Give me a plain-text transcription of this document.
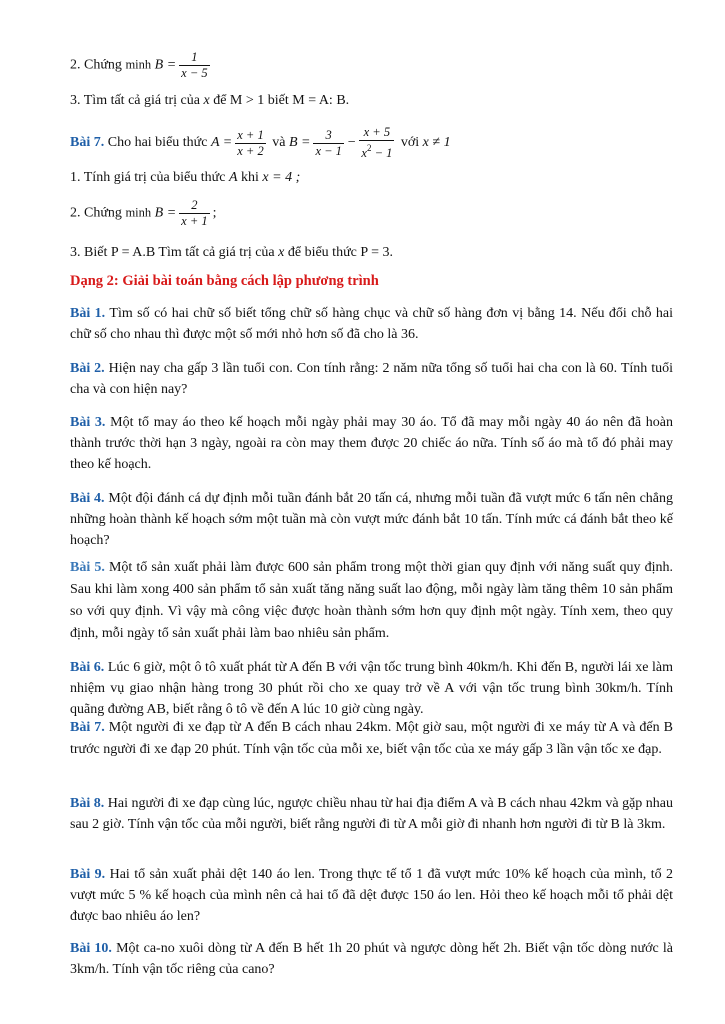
2. Chứng minh $B = \frac{1}{x - 5}$
3. Tìm tất cả giá trị của x để M > 1 biết M = A: B.
Bài 7. Cho hai biểu thức $A = \frac{x + 1}{x + 2}$ và $B = \frac{3}{x - 1} - \frac{x + 5}{x^2 - 1}$ với x ≠ 1
1. Tính giá trị của biểu thức A khi x = 4 ;
2. Chứng minh $B = \frac{2}{x + 1}$ ;
3. Biết P = A.B Tìm tất cả giá trị của x để biểu thức P = 3.
Dạng 2: Giải bài toán bằng cách lập phương trình
Bài 1. Tìm số có hai chữ số biết tổng chữ số hàng chục và chữ số hàng đơn vị bằng 14. Nếu đổi chỗ hai chữ số cho nhau thì được một số mới nhỏ hơn số đã cho là 36.
Bài 2. Hiện nay cha gấp 3 lần tuổi con. Con tính rằng: 2 năm nữa tổng số tuổi hai cha con là 60. Tính tuổi cha và con hiện nay?
Bài 3. Một tổ may áo theo kế hoạch mỗi ngày phải may 30 áo. Tổ đã may mỗi ngày 40 áo nên đã hoàn thành trước thời hạn 3 ngày, ngoài ra còn may them được 20 chiếc áo nữa. Tính số áo mà tổ đó phải may theo kế hoạch.
Bài 4. Một đội đánh cá dự định mỗi tuần đánh bắt 20 tấn cá, nhưng mỗi tuần đã vượt mức 6 tấn nên chẳng những hoàn thành kế hoạch sớm một tuần mà còn vượt mức đánh bắt 10 tấn. Tính mức cá đánh bắt theo kế hoạch?
Bài 5. Một tổ sản xuất phải làm được 600 sản phẩm trong một thời gian quy định với năng suất quy định. Sau khi làm xong 400 sản phẩm tổ sản xuất tăng năng suất lao động, mỗi ngày làm tăng thêm 10 sản phẩm so với quy định. Vì vậy mà công việc được hoàn thành sớm hơn quy định một ngày. Tính xem, theo quy định, mỗi ngày tổ sản xuất phải làm bao nhiêu sản phẩm.
Bài 6. Lúc 6 giờ, một ô tô xuất phát từ A đến B với vận tốc trung bình 40km/h. Khi đến B, người lái xe làm nhiệm vụ giao nhận hàng trong 30 phút rồi cho xe quay trở về A với vận tốc trung bình 30km/h. Tính quãng đường AB, biết rằng ô tô về đến A lúc 10 giờ cùng ngày.
Bài 7. Một người đi xe đạp từ A đến B cách nhau 24km. Một giờ sau, một người đi xe máy từ A và đến B trước người đi xe đạp 20 phút. Tính vận tốc của mỗi xe, biết vận tốc của xe máy gấp 3 lần vận tốc xe đạp.
Bài 8. Hai người đi xe đạp cùng lúc, ngược chiều nhau từ hai địa điểm A và B cách nhau 42km và gặp nhau sau 2 giờ. Tính vận tốc của mỗi người, biết rằng người đi từ A mỗi giờ đi nhanh hơn người đi từ B là 3km.
Bài 9. Hai tổ sản xuất phải dệt 140 áo len. Trong thực tế tổ 1 đã vượt mức 10% kế hoạch của mình, tổ 2 vượt mức 5 % kế hoạch của mình nên cả hai tổ đã dệt được 150 áo len. Hỏi theo kế hoạch mỗi tổ phải dệt được bao nhiêu áo len?
Bài 10. Một ca-no xuôi dòng từ A đến B hết 1h 20 phút và ngược dòng hết 2h. Biết vận tốc dòng nước là 3km/h. Tính vận tốc riêng của cano?
